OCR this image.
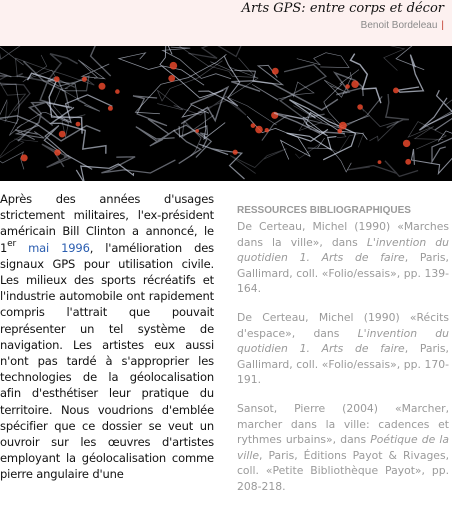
Arts GPS: entre corps et décor
Benoit Bordeleau |
Après des années d'usages strictement militaires, l'ex-président américain Bill Clinton a annoncé, le 1er mai 1996, l'amélioration des signaux GPS pour utilisation civile. Les milieux des sports récréatifs et l'industrie automobile ont rapidement compris l'attrait que pouvait représenter un tel système de navigation. Les artistes eux aussi n'ont pas tardé à s'approprier les technologies de la géolocalisation afin d'esthétiser leur pratique du territoire. Nous voudrions d'emblée spécifier que ce dossier se veut un ouvroir sur les œuvres d'artistes employant la géolocalisation comme pierre angulaire d'une
RESSOURCES BIBLIOGRAPHIQUES

De Certeau, Michel (1990) «Marches dans la ville», dans L'invention du quotidien 1. Arts de faire, Paris, Gallimard, coll. «Folio/essais», pp. 139-164.

De Certeau, Michel (1990) «Récits d'espace», dans L'invention du quotidien 1. Arts de faire, Paris, Gallimard, coll. «Folio/essais», pp. 170-191.

Sansot, Pierre (2004) «Marcher, marcher dans la ville: cadences et rythmes urbains», dans Poétique de la ville, Paris, Éditions Payot & Rivages, coll. «Petite Bibliothèque Payot», pp. 208-218.
